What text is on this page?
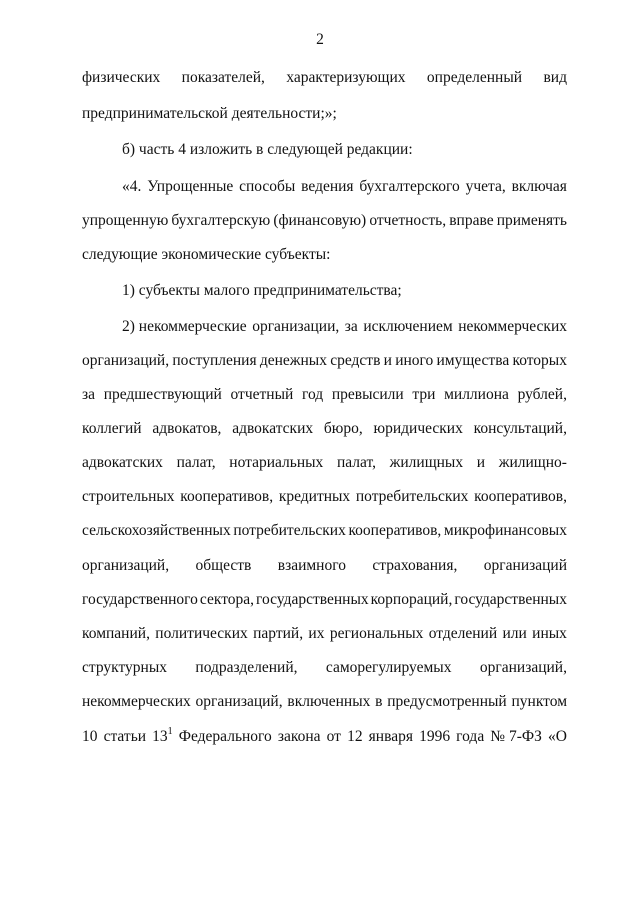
2
физических показателей, характеризующих определенный вид
предпринимательской деятельности;»;
б) часть 4 изложить в следующей редакции:
«4. Упрощенные способы ведения бухгалтерского учета, включая
упрощенную бухгалтерскую (финансовую) отчетность, вправе применять
следующие экономические субъекты:
1) субъекты малого предпринимательства;
2) некоммерческие организации, за исключением некоммерческих
организаций, поступления денежных средств и иного имущества которых
за предшествующий отчетный год превысили три миллиона рублей,
коллегий адвокатов, адвокатских бюро, юридических консультаций,
адвокатских палат, нотариальных палат, жилищных и жилищно-
строительных кооперативов, кредитных потребительских кооперативов,
сельскохозяйственных потребительских кооперативов, микрофинансовых
организаций, обществ взаимного страхования, организаций
государственного сектора, государственных корпораций, государственных
компаний, политических партий, их региональных отделений или иных
структурных подразделений, саморегулируемых организаций,
некоммерческих организаций, включенных в предусмотренный пунктом
10 статьи $13^1$ Федерального закона от 12 января 1996 года № 7-ФЗ «О
